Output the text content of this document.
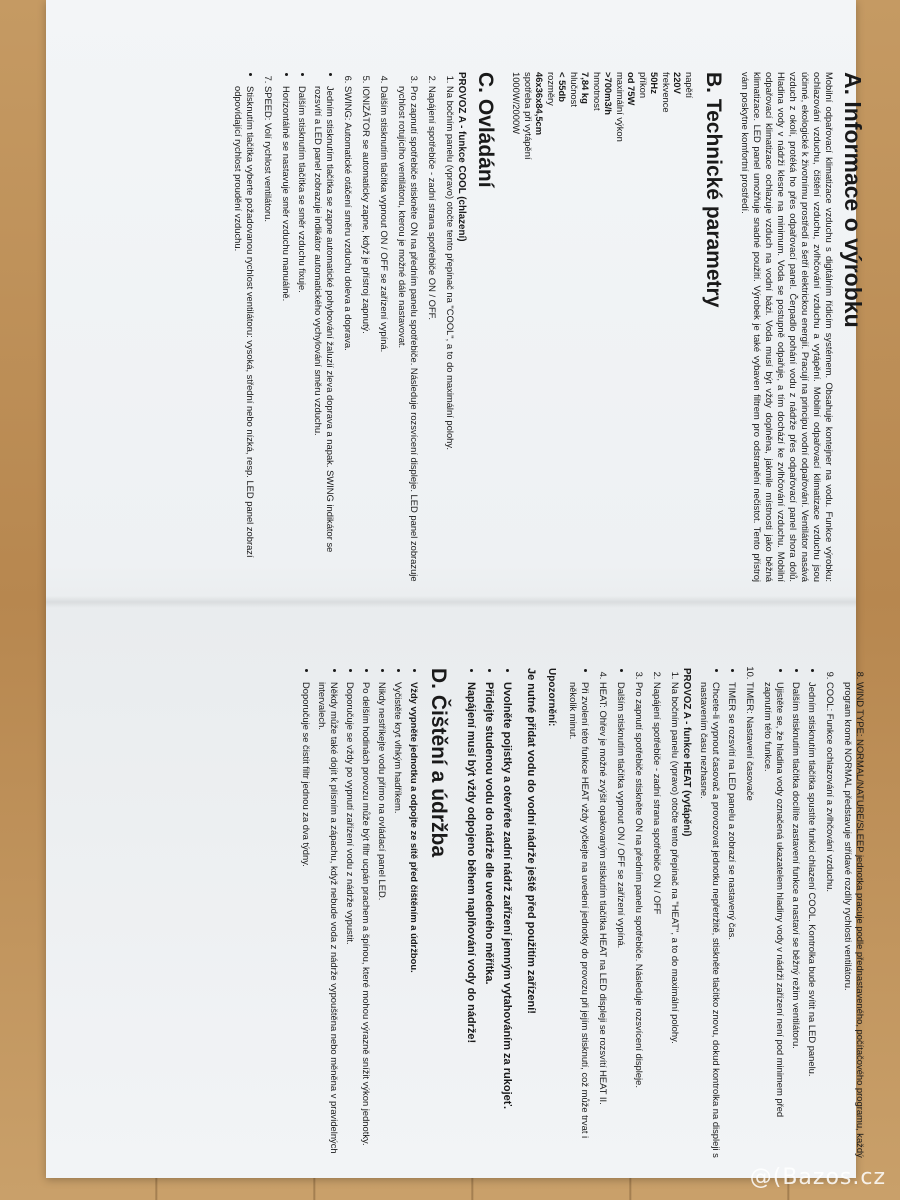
A. Informace o výrobku

Mobilní odpařovací klimatizace vzduchu s digitálním řídicím systémem. Obsahuje kontejner na vodu. Funkce výrobku: ochlazování vzduchu, čištění vzduchu, zvlhčování vzduchu a vytápění. Mobilní odpařovací klimatizace vzduchu jsou účinné, ekologické k životnímu prostředí a šetří elektrickou energií. Pracují na principu vodní odpařování. Ventilátor nasává vzduch z okolí, protéká ho přes odpařovací panel. Čerpadlo pohání vodu z nádrže přes odpařovací panel shora dolů. Hladina vody v nádrži klesne na minimum. Voda se postupně odpařuje, a tím dochází ke zvlhčování vzduchu. Mobilní odpařovací klimatizace ochlazuje vzduch na vodní bázi. Voda musí být vždy doplněna, jakmile místnosti jako běžná klimatizace. LED panel umožňuje snadné použití. Výrobek je také vybaven filtrem pro odstranění nečistot. Tento přístroj vám poskytne komfortní prostředí.

B. Technické parametry
napětí
220V
frekvence
50Hz
příkon
od 75W
maximální výkon
>700m3/h
hmotnost
7,84 kg
hlučnost
< 55db
rozměry
46x36x84,5cm
spotřeba při vytápění
1000W/2000W
C. Ovládání
PROVOZ A - funkce COOL (chlazení)
1. Na bočním panelu (vpravo) otočte tento přepínač na "COOL", a to do maximální polohy.
2. Napájení spotřebiče - zadní strana spotřebiče ON / OFF.
3. Pro zapnutí spotřebiče stiskněte ON na předním panelu spotřebiče. Následuje rozsvícení displeje. LED panel zobrazuje rychlost rotujícího ventilátoru, kterou je možné dále nastavovat.
4. Dalším stisknutím tlačítka vypnout ON / OFF se zařízení vypíná.
5. IONIZÁTOR se automaticky zapne, když je přístroj zapnutý.
6. SWING: Automatické otáčení směru vzduchu doleva a doprava.
• Jedním stisknutím tlačítka se zapne automatické pohybování žaluzií zleva doprava a napak. SWING indikátor se rozsvítí a LED panel zobrazuje indikátor automatického vychylování směru vzduchu.
• Dalším stisknutím tlačítka se směr vzduchu fixuje.
• Horizontálně se nastavuje směr vzduchu manuálně.
7. SPEED: Volí rychlost ventilátoru.
• Stisknutím tlačítka vyberte požadovanou rychlost ventilátoru: vysoká, střední nebo nízká, resp. LED panel zobrazí odpovídající rychlost proudění vzduchu.
8. WIND TYPE: NORMAL/NATURE/SLEEP jednotka pracuje podle přednastaveného, počítačového programu, každý program kromě NORMAL představuje střídavé rozdíly rychlosti ventilátoru.
9. COOL: Funkce ochlazování a zvlhčování vzduchu.
• Jedním stisknutím tlačítka spustíte funkci chlazení COOL. Kontrolka bude svítit na LED panelu.
• Dalším stisknutím tlačítka docílíte zastavení funkce a nastaví se běžný režim ventilátoru.
• Ujistěte se, že hladina vody označená ukazatelem hladiny vody v nádrži zařízení není pod minimem před zapnutím této funkce.
10. TIMER: Nastavení časovače
• TIMER se rozsvítí na LED panelu a zobrazí se nastavený čas.
• Chcete-li vypnout časovač a provozovat jednotku nepřetržitě, stiskněte tlačítko znovu, dokud kontrolka na displeji s nastavením času nezhasne.
PROVOZ A - funkce HEAT (vytápění)
1. Na bočním panelu (vpravo) otočte tento přepínač na "HEAT", a to do maximální polohy.
2. Napájení spotřebiče - zadní strana spotřebiče ON / OFF
3. Pro zapnutí spotřebiče stiskněte ON na předním panelu spotřebiče. Následuje rozsvícení displeje.
• Dalším stisknutím tlačítka vypnout ON / OFF se zařízení vypíná.
4. HEAT: Ohřev je možné zvýšit opakovaným stiskutím tlačítka HEAT na LED displeji se rozsvítí HEAT II.
• Při zvolení této funkce HEAT vždy vyčkejte na uvedení jednotky do provozu při jejím stisknutí, což může trvat i několik minut.
Upozornění:

Je nutné přidat vodu do vodní nádrže ještě před použitím zařízení!

• Uvolněte pojistky a otevřete zadní nádrž zařízení jemným vytahováním za rukojeť.
• Přidejte studenou vodu do nádrže dle uvedeného měřítka.
• Napájení musí být vždy odpojeno během naplňování vody do nádrže!
D. Čištění a údržba
• Vždy vypněte jednotku a odpojte ze sítě před čištěním a údržbou.
• Vyčistěte kryt vlhkým hadříkem.
• Nikdy nestříkejte vodu přímo na ovládací panel LED.
• Po delším hodinách provozu může být filtr ucpán prachem a špínou, které mohou výrazně snížit výkon jednotky.
• Doporučuje se vždy po vypnutí zařízení vodu z nádrže vypustit.
• Někdy může také dojít k plísním a zápachu, když nebude voda z nádrže vypouštěna nebo měněna v pravidelných intervalech.
• Doporučuje se čistit filtr jednou za dva týdny.
@(Bazos.cz
